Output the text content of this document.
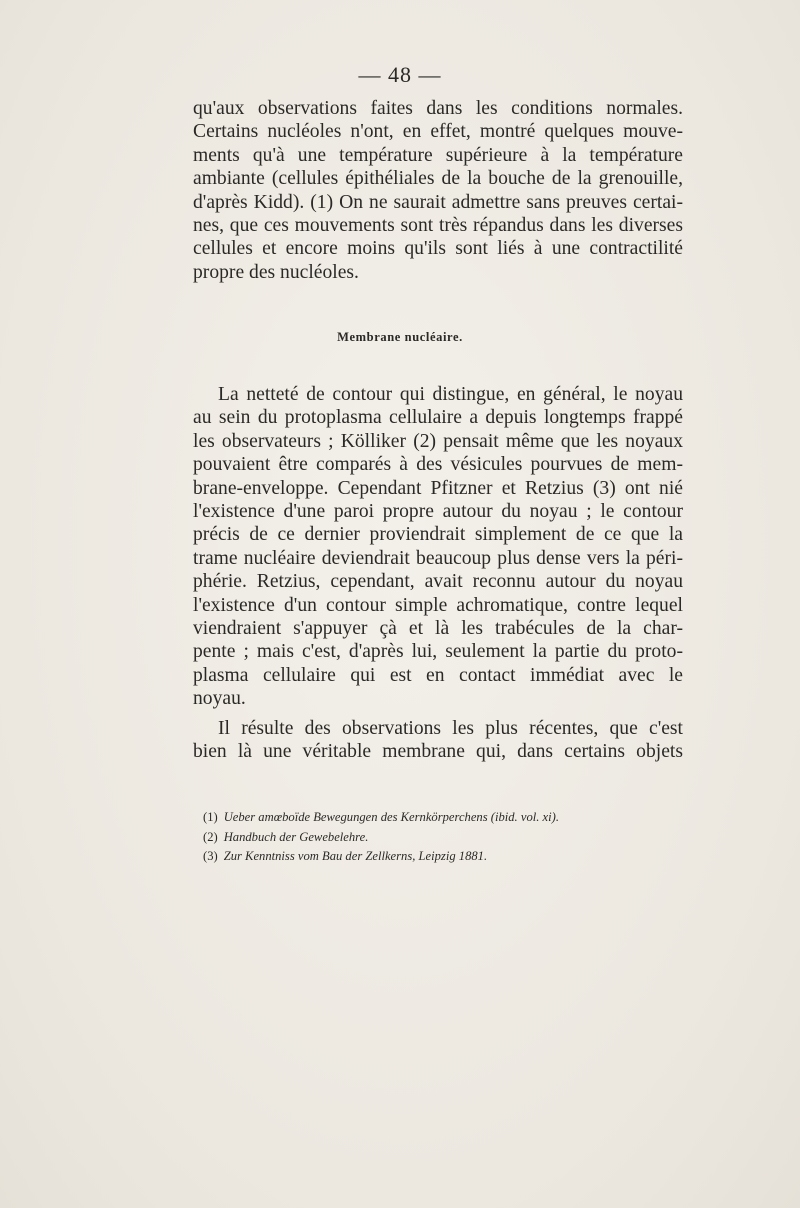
— 48 —
qu'aux observations faites dans les conditions normales.
Certains nucléoles n'ont, en effet, montré quelques mouve-
ments qu'à une température supérieure à la température
ambiante (cellules épithéliales de la bouche de la grenouille,
d'après Kidd). (1) On ne saurait admettre sans preuves certai-
nes, que ces mouvements sont très répandus dans les diverses
cellules et encore moins qu'ils sont liés à une contractilité
propre des nucléoles.
Membrane nucléaire.
La netteté de contour qui distingue, en général, le noyau
au sein du protoplasma cellulaire a depuis longtemps frappé
les observateurs ; Kölliker (2) pensait même que les noyaux
pouvaient être comparés à des vésicules pourvues de mem-
brane-enveloppe. Cependant Pfitzner et Retzius (3) ont nié
l'existence d'une paroi propre autour du noyau ; le contour
précis de ce dernier proviendrait simplement de ce que la
trame nucléaire deviendrait beaucoup plus dense vers la péri-
phérie. Retzius, cependant, avait reconnu autour du noyau
l'existence d'un contour simple achromatique, contre lequel
viendraient s'appuyer çà et là les trabécules de la char-
pente ; mais c'est, d'après lui, seulement la partie du proto-
plasma cellulaire qui est en contact immédiat avec le
noyau.
Il résulte des observations les plus récentes, que c'est
bien là une véritable membrane qui, dans certains objets
(1) Ueber amœboïde Bewegungen des Kernkörperchens (ibid. vol. xi).
(2) Handbuch der Gewebelehre.
(3) Zur Kenntniss vom Bau der Zellkerns, Leipzig 1881.
